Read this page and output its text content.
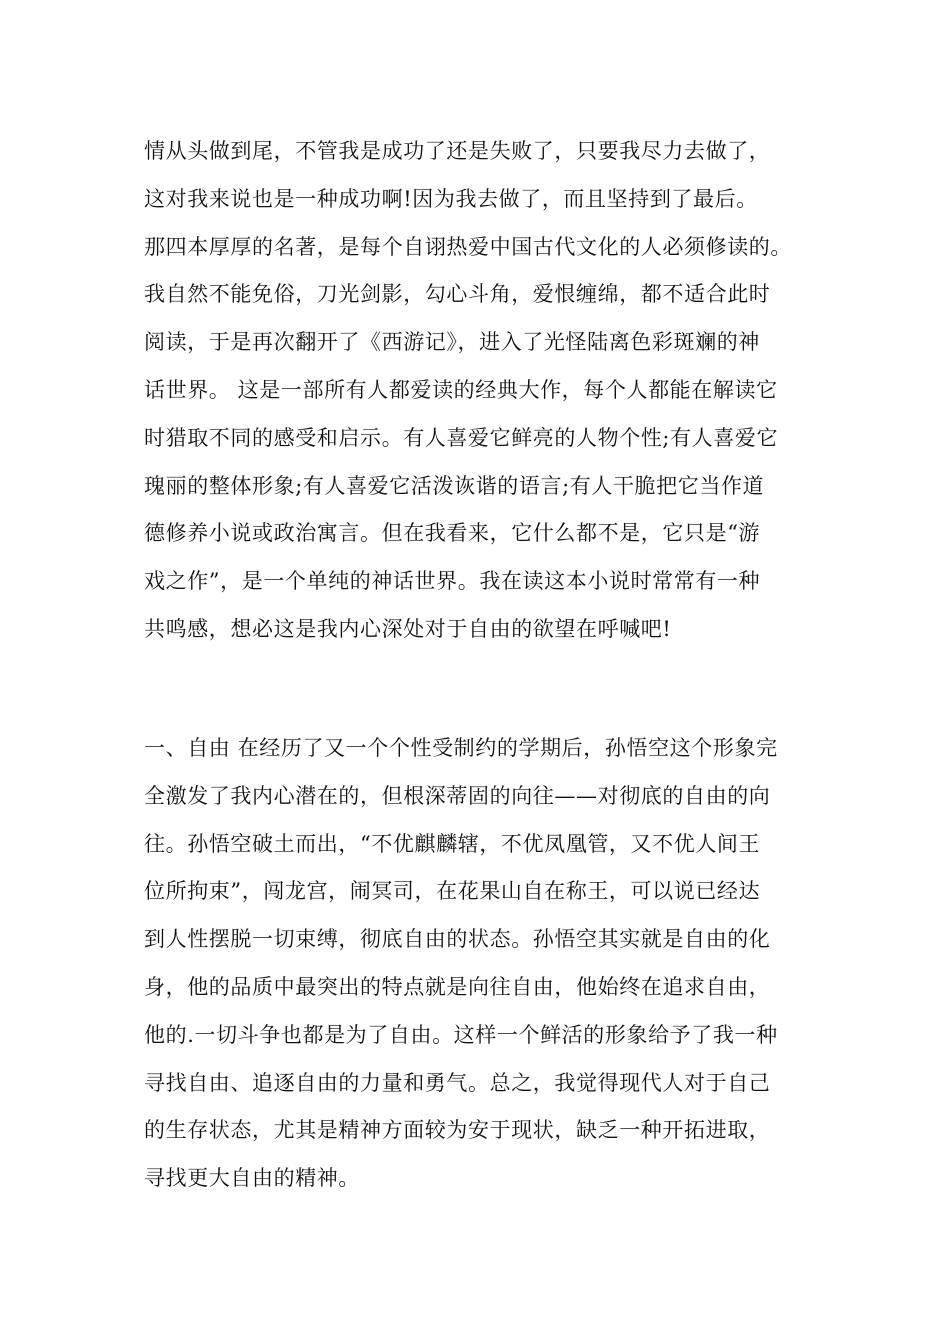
情从头做到尾，不管我是成功了还是失败了，只要我尽力去做了，
这对我来说也是一种成功啊!因为我去做了，而且坚持到了最后。
那四本厚厚的名著，是每个自诩热爱中国古代文化的人必须修读的。
我自然不能免俗，刀光剑影，勾心斗角，爱恨缠绵，都不适合此时
阅读，于是再次翻开了《西游记》，进入了光怪陆离色彩斑斓的神
话世界。 这是一部所有人都爱读的经典大作，每个人都能在解读它
时猎取不同的感受和启示。有人喜爱它鲜亮的人物个性;有人喜爱它
瑰丽的整体形象;有人喜爱它活泼诙谐的语言;有人干脆把它当作道
德修养小说或政治寓言。但在我看来，它什么都不是，它只是“游
戏之作”，是一个单纯的神话世界。我在读这本小说时常常有一种
共鸣感，想必这是我内心深处对于自由的欲望在呼喊吧!
一、自由 在经历了又一个个性受制约的学期后，孙悟空这个形象完
全激发了我内心潜在的，但根深蒂固的向往——对彻底的自由的向
往。孙悟空破土而出，“不优麒麟辖，不优凤凰管，又不优人间王
位所拘束”，闯龙宫，闹冥司，在花果山自在称王，可以说已经达
到人性摆脱一切束缚，彻底自由的状态。孙悟空其实就是自由的化
身，他的品质中最突出的特点就是向往自由，他始终在追求自由，
他的.一切斗争也都是为了自由。这样一个鲜活的形象给予了我一种
寻找自由、追逐自由的力量和勇气。总之，我觉得现代人对于自己
的生存状态，尤其是精神方面较为安于现状，缺乏一种开拓进取，
寻找更大自由的精神。
